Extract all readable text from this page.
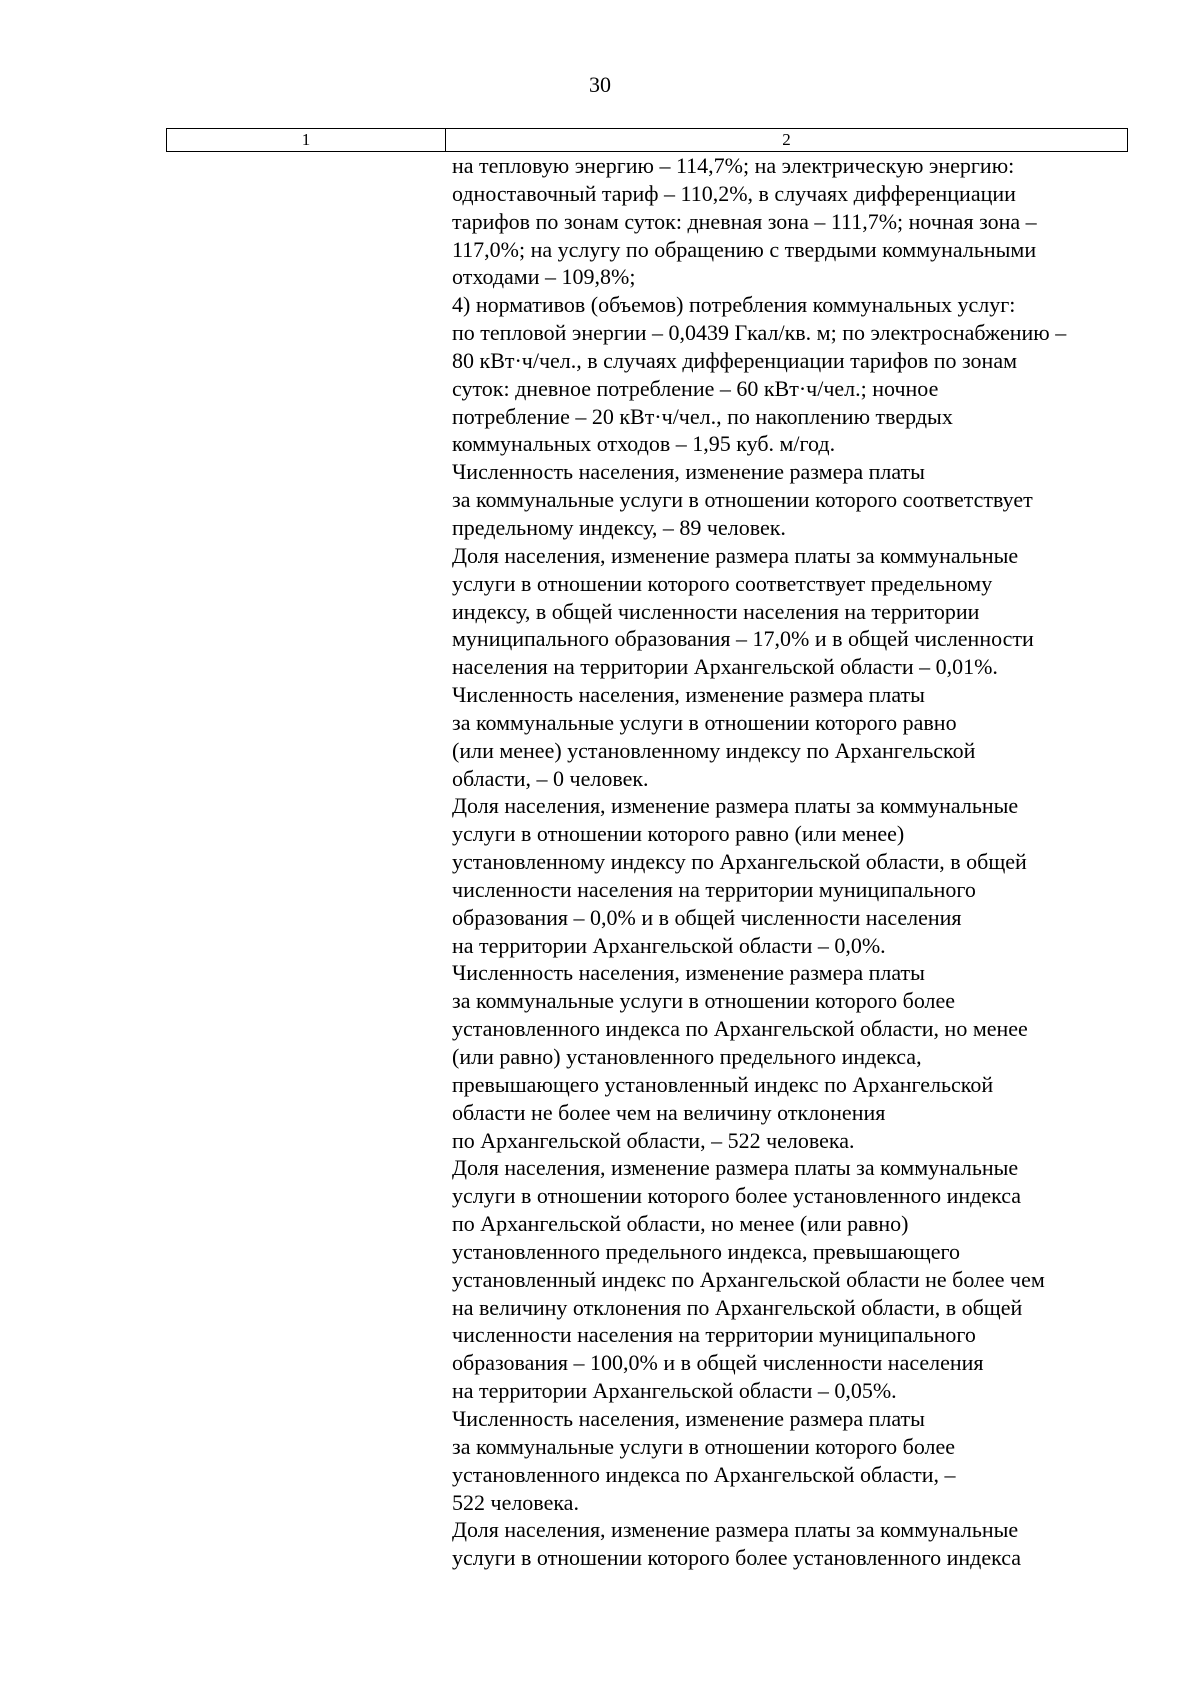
30
1	2
на тепловую энергию – 114,7%; на электрическую энергию:
одноставочный тариф – 110,2%, в случаях дифференциации
тарифов по зонам суток: дневная зона – 111,7%; ночная зона –
117,0%; на услугу по обращению с твердыми коммунальными
отходами – 109,8%;
4) нормативов (объемов) потребления коммунальных услуг:
по тепловой энергии – 0,0439 Гкал/кв. м; по электроснабжению –
80 кВт·ч/чел., в случаях дифференциации тарифов по зонам
суток: дневное потребление – 60 кВт·ч/чел.; ночное
потребление – 20 кВт·ч/чел., по накоплению твердых
коммунальных отходов – 1,95 куб. м/год.
Численность населения, изменение размера платы
за коммунальные услуги в отношении которого соответствует
предельному индексу, – 89 человек.
Доля населения, изменение размера платы за коммунальные
услуги в отношении которого соответствует предельному
индексу, в общей численности населения на территории
муниципального образования – 17,0% и в общей численности
населения на территории Архангельской области – 0,01%.
Численность населения, изменение размера платы
за коммунальные услуги в отношении которого равно
(или менее) установленному индексу по Архангельской
области, – 0 человек.
Доля населения, изменение размера платы за коммунальные
услуги в отношении которого равно (или менее)
установленному индексу по Архангельской области, в общей
численности населения на территории муниципального
образования – 0,0% и в общей численности населения
на территории Архангельской области – 0,0%.
Численность населения, изменение размера платы
за коммунальные услуги в отношении которого более
установленного индекса по Архангельской области, но менее
(или равно) установленного предельного индекса,
превышающего установленный индекс по Архангельской
области не более чем на величину отклонения
по Архангельской области, – 522 человека.
Доля населения, изменение размера платы за коммунальные
услуги в отношении которого более установленного индекса
по Архангельской области, но менее (или равно)
установленного предельного индекса, превышающего
установленный индекс по Архангельской области не более чем
на величину отклонения по Архангельской области, в общей
численности населения на территории муниципального
образования – 100,0% и в общей численности населения
на территории Архангельской области – 0,05%.
Численность населения, изменение размера платы
за коммунальные услуги в отношении которого более
установленного индекса по Архангельской области, –
522 человека.
Доля населения, изменение размера платы за коммунальные
услуги в отношении которого более установленного индекса
